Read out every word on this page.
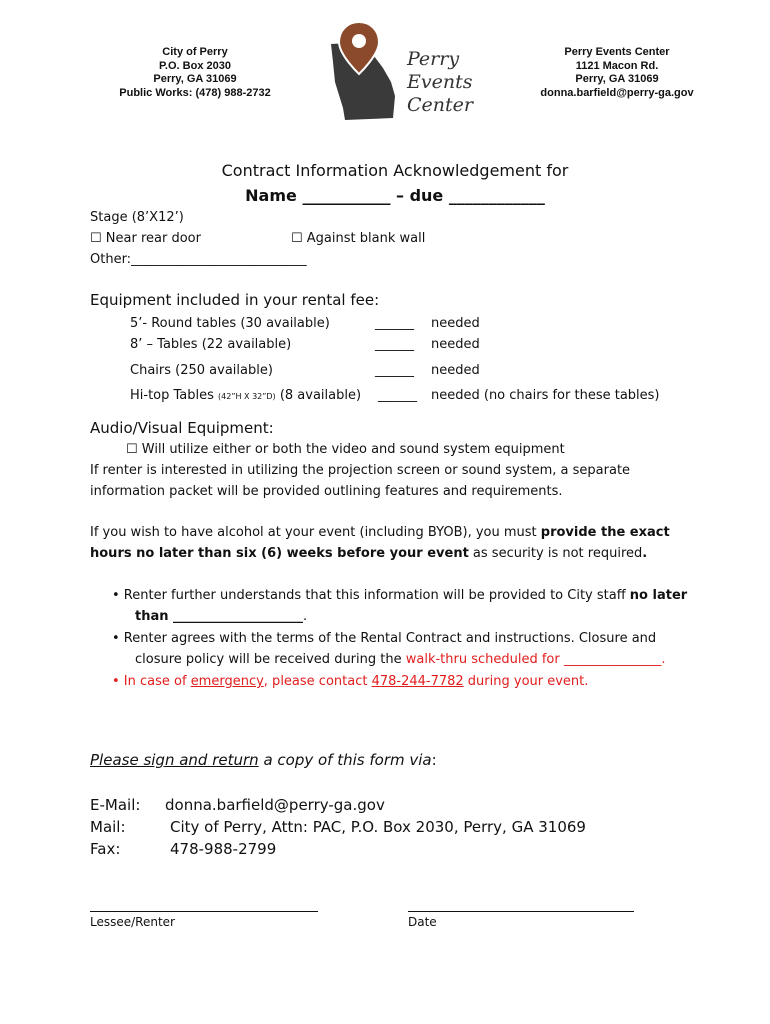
City of Perry
P.O. Box 2030
Perry, GA 31069
Public Works: (478) 988-2732
Perry
Events
Center
Perry Events Center
1121 Macon Rd.
Perry, GA 31069
donna.barfield@perry-ga.gov
Contract Information Acknowledgement for
Name ___________ – due ____________
Stage (8’X12’)
☐ Near rear door	☐ Against blank wall
Other:___________________________
Equipment included in your rental fee:
5’- Round tables (30 available)	______ needed
8’ – Tables (22 available)	______ needed
Chairs (250 available)	______ needed
Hi-top Tables (42”H X 32”D) (8 available) ______ needed (no chairs for these tables)
Audio/Visual Equipment:
☐ Will utilize either or both the video and sound system equipment
If renter is interested in utilizing the projection screen or sound system, a separate
information packet will be provided outlining features and requirements.
If you wish to have alcohol at your event (including BYOB), you must provide the exact
hours no later than six (6) weeks before your event as security is not required.
• Renter further understands that this information will be provided to City staff no later
than ____________________.
• Renter agrees with the terms of the Rental Contract and instructions. Closure and
closure policy will be received during the walk-thru scheduled for _______________.
• In case of emergency, please contact 478-244-7782 during your event.
Please sign and return a copy of this form via:
E-Mail: donna.barfield@perry-ga.gov
Mail:	City of Perry, Attn: PAC, P.O. Box 2030, Perry, GA 31069
Fax:	478-988-2799
Lessee/Renter	Date
